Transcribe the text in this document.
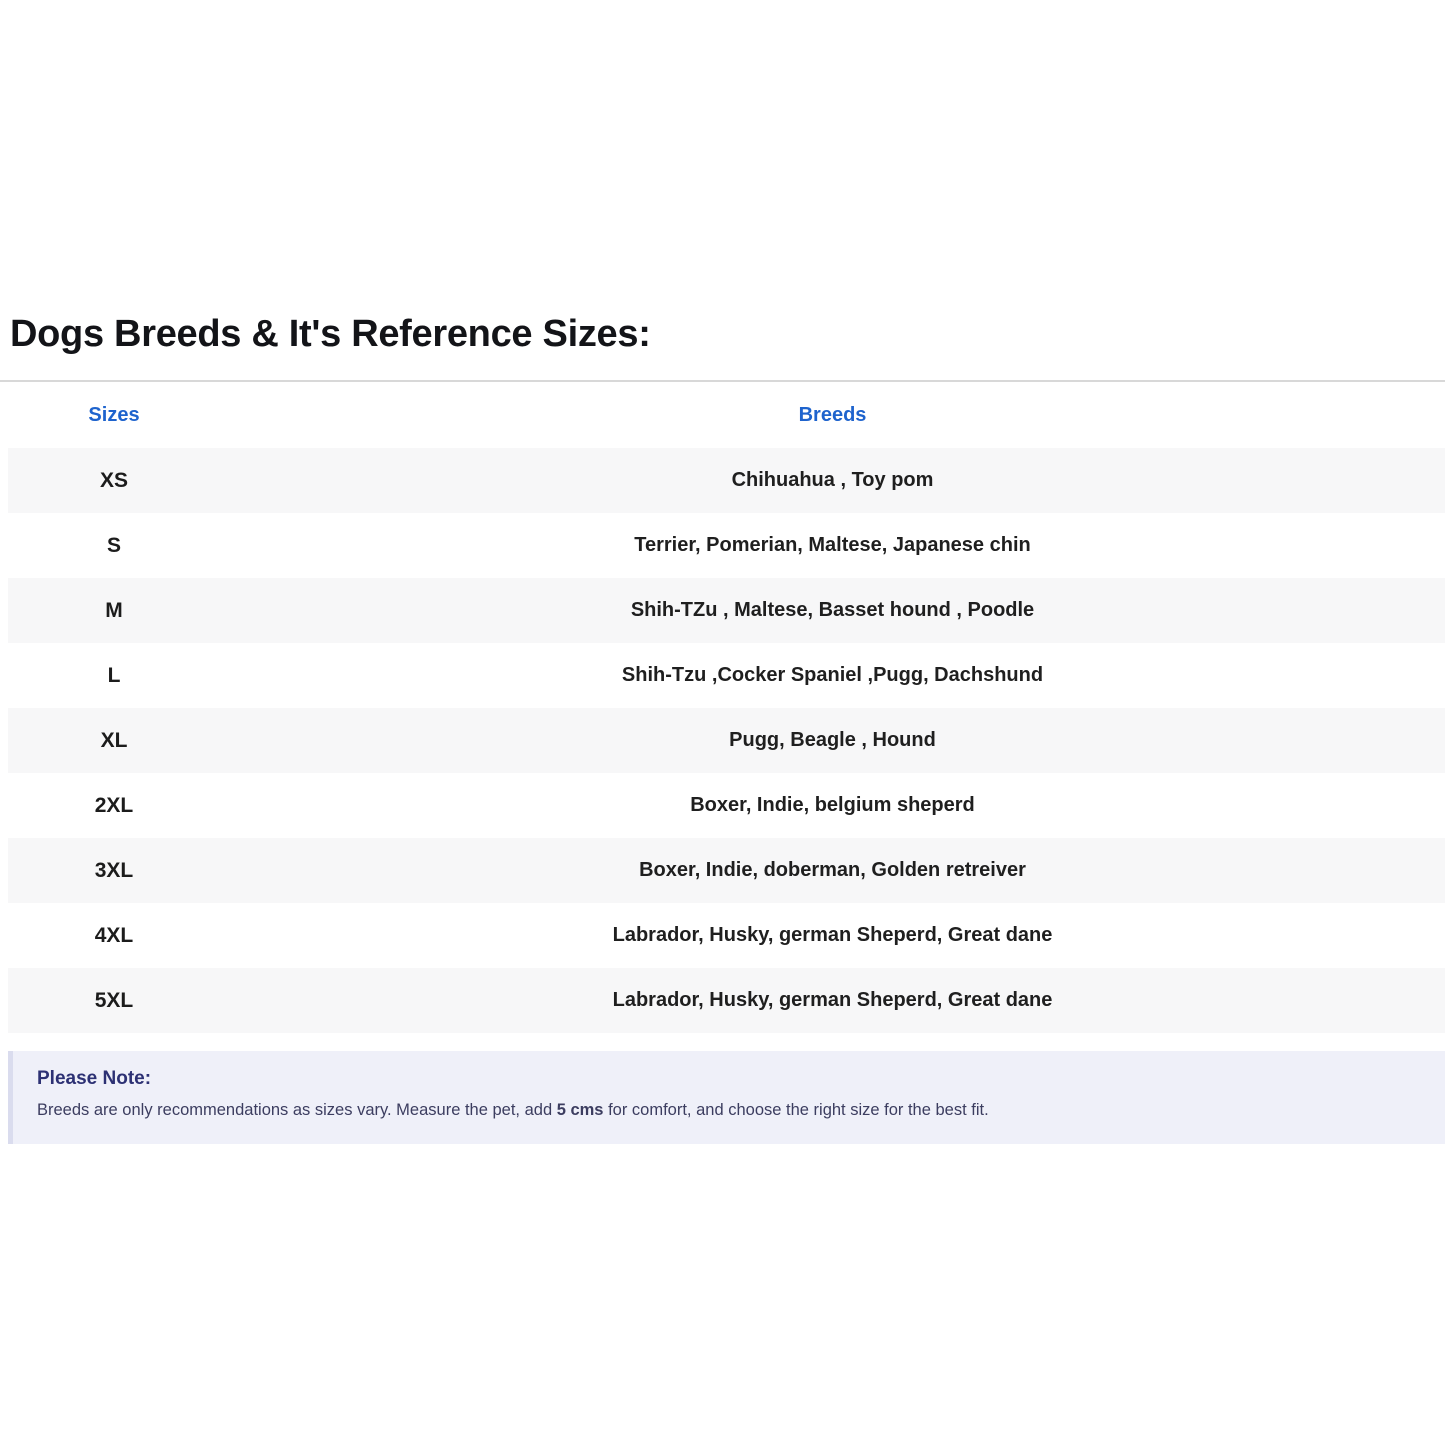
Dogs Breeds & It's Reference Sizes:
Sizes	Breeds
XS	Chihuahua , Toy pom
S	Terrier, Pomerian, Maltese, Japanese chin
M	Shih-TZu , Maltese, Basset hound , Poodle
L	Shih-Tzu ,Cocker Spaniel ,Pugg, Dachshund
XL	Pugg, Beagle , Hound
2XL	Boxer, Indie, belgium sheperd
3XL	Boxer, Indie, doberman, Golden retreiver
4XL	Labrador, Husky, german Sheperd, Great dane
5XL	Labrador, Husky, german Sheperd, Great dane

Please Note:

Breeds are only recommendations as sizes vary. Measure the pet, add 5 cms for comfort, and choose the right size for the best fit.
